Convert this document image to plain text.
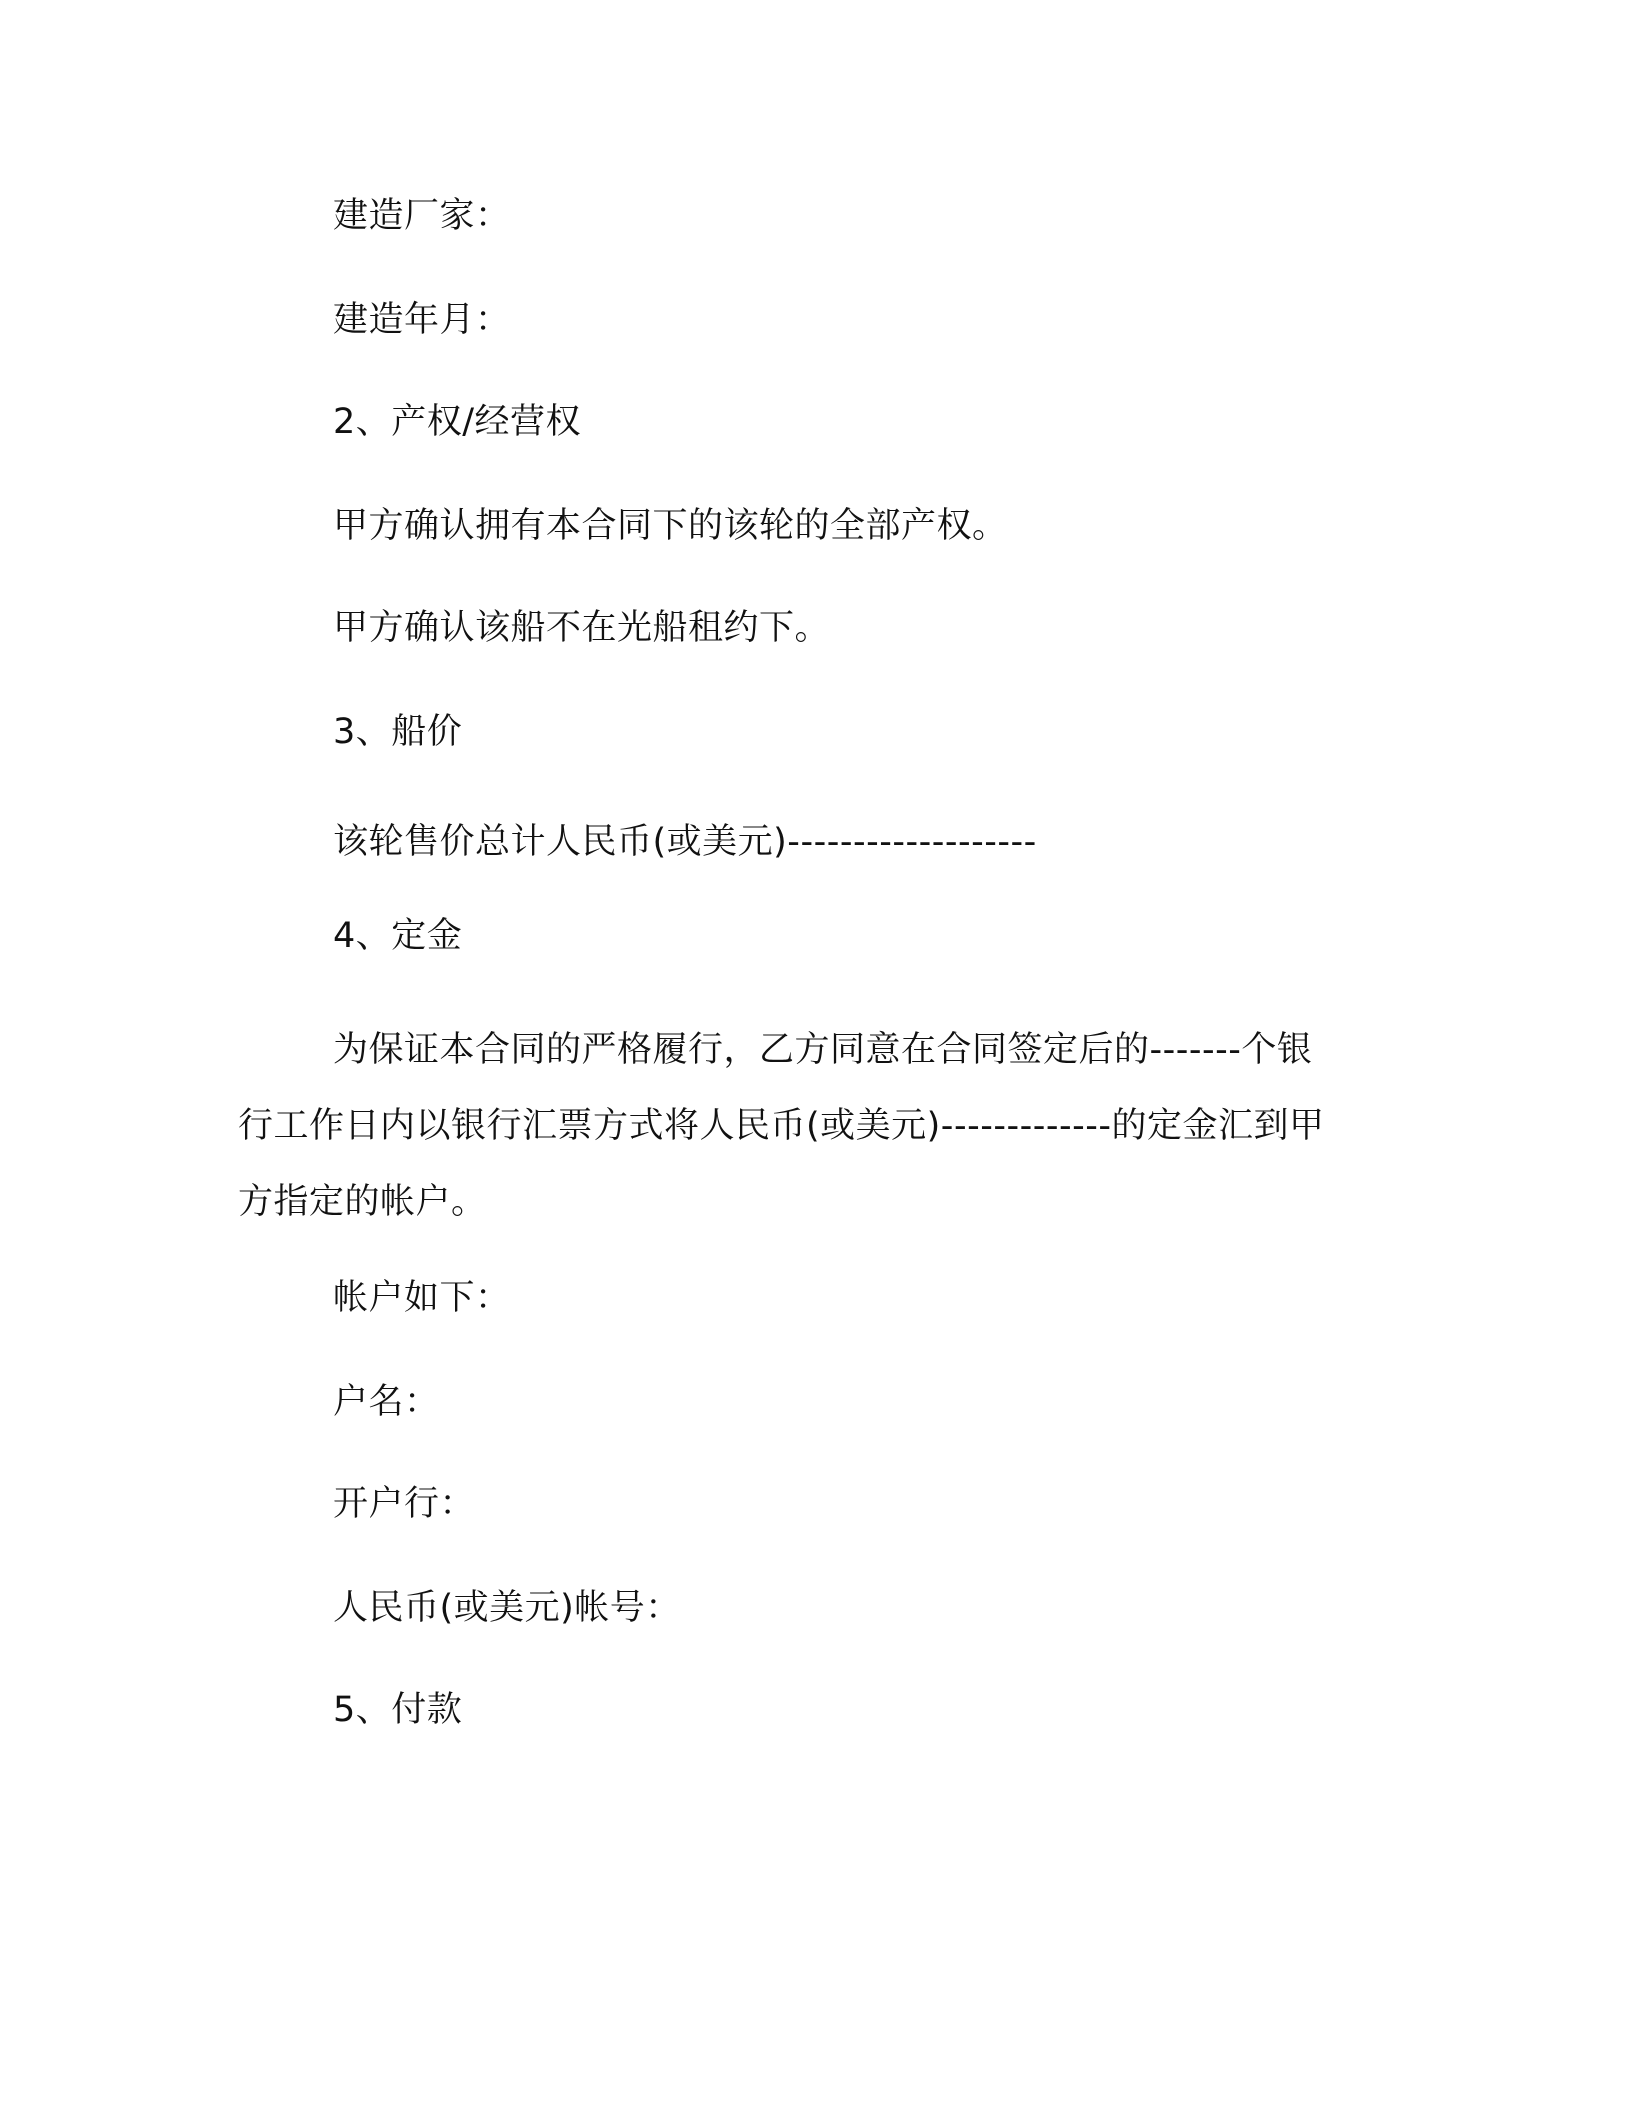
建造厂家：
建造年月：
2、产权/经营权
甲方确认拥有本合同下的该轮的全部产权。
甲方确认该船不在光船租约下。
3、船价
该轮售价总计人民币(或美元)-------------------
4、定金
为保证本合同的严格履行，乙方同意在合同签定后的-------个银
行工作日内以银行汇票方式将人民币(或美元)-------------的定金汇到甲
方指定的帐户。
帐户如下：
户名：
开户行：
人民币(或美元)帐号：
5、付款
